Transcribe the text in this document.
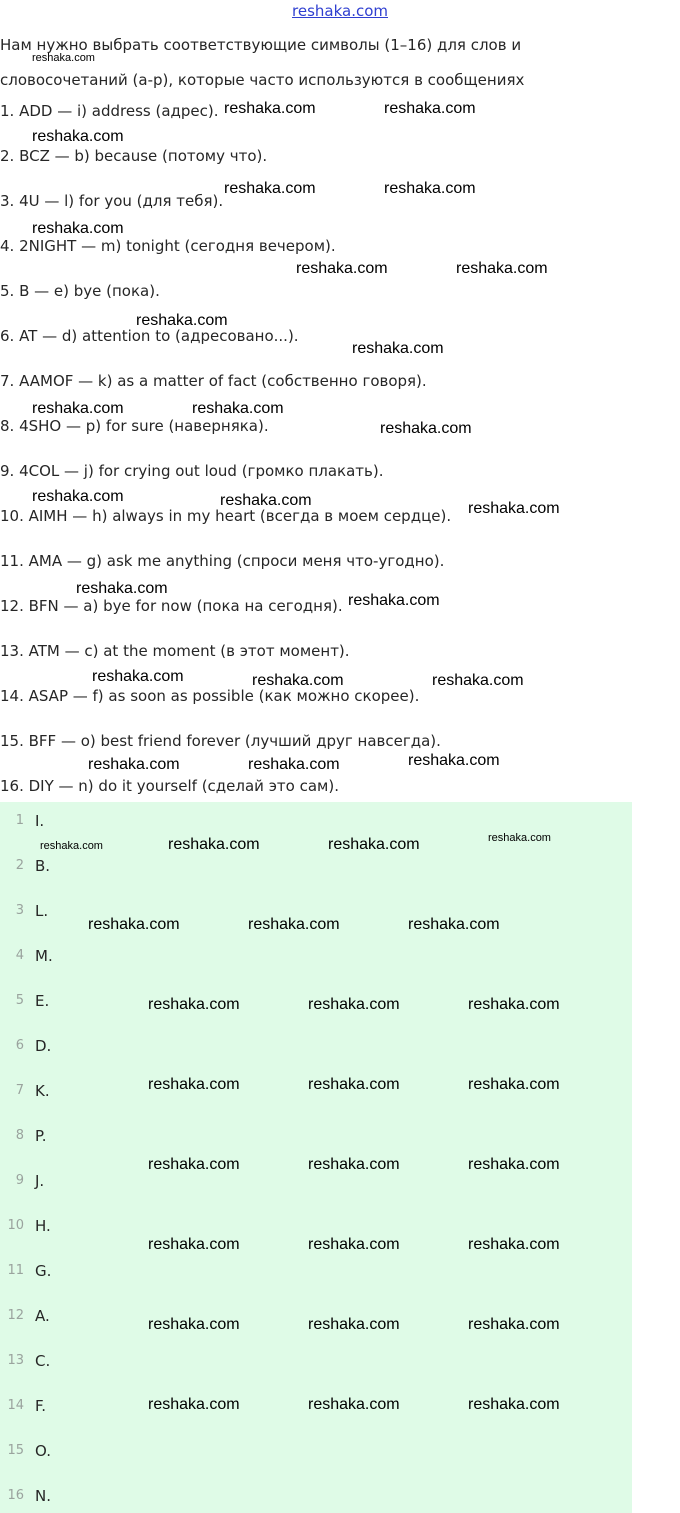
reshaka.com
Нам нужно выбрать соответствующие символы (1–16) для слов и словосочетаний (a-p), которые часто используются в сообщениях
1. ADD — i) address (адрес).
2. BCZ — b) because (потому что).
3. 4U — l) for you (для тебя).
4. 2NIGHT — m) tonight (сегодня вечером).
5. B — e) bye (пока).
6. AT — d) attention to (адресовано...).
7. AAMOF — k) as a matter of fact (собственно говоря).
8. 4SHO — p) for sure (наверняка).
9. 4COL — j) for crying out loud (громко плакать).
10. AIMH — h) always in my heart (всегда в моем сердце).
11. AMA — g) ask me anything (спроси меня что-угодно).
12. BFN — a) bye for now (пока на сегодня).
13. ATM — c) at the moment (в этот момент).
14. ASAP — f) as soon as possible (как можно скорее).
15. BFF — o) best friend forever (лучший друг навсегда).
16. DIY — n) do it yourself (сделай это сам).
1 I.
2 B.
3 L.
4 M.
5 E.
6 D.
7 K.
8 P.
9 J.
10 H.
11 G.
12 A.
13 C.
14 F.
15 O.
16 N.
reshaka.com
reshaka.com	reshaka.com
reshaka.com
reshaka.com	reshaka.com
reshaka.com
reshaka.com	reshaka.com
reshaka.com
reshaka.com
reshaka.com	reshaka.com
reshaka.com
reshaka.com	reshaka.com	reshaka.com
reshaka.com
reshaka.com
reshaka.com	reshaka.com	reshaka.com
reshaka.com	reshaka.com	reshaka.com
reshaka.com	reshaka.com	reshaka.com	reshaka.com
reshaka.com	reshaka.com	reshaka.com
reshaka.com	reshaka.com	reshaka.com
reshaka.com	reshaka.com	reshaka.com
reshaka.com	reshaka.com	reshaka.com
reshaka.com	reshaka.com	reshaka.com
reshaka.com	reshaka.com	reshaka.com
reshaka.com	reshaka.com	reshaka.com
